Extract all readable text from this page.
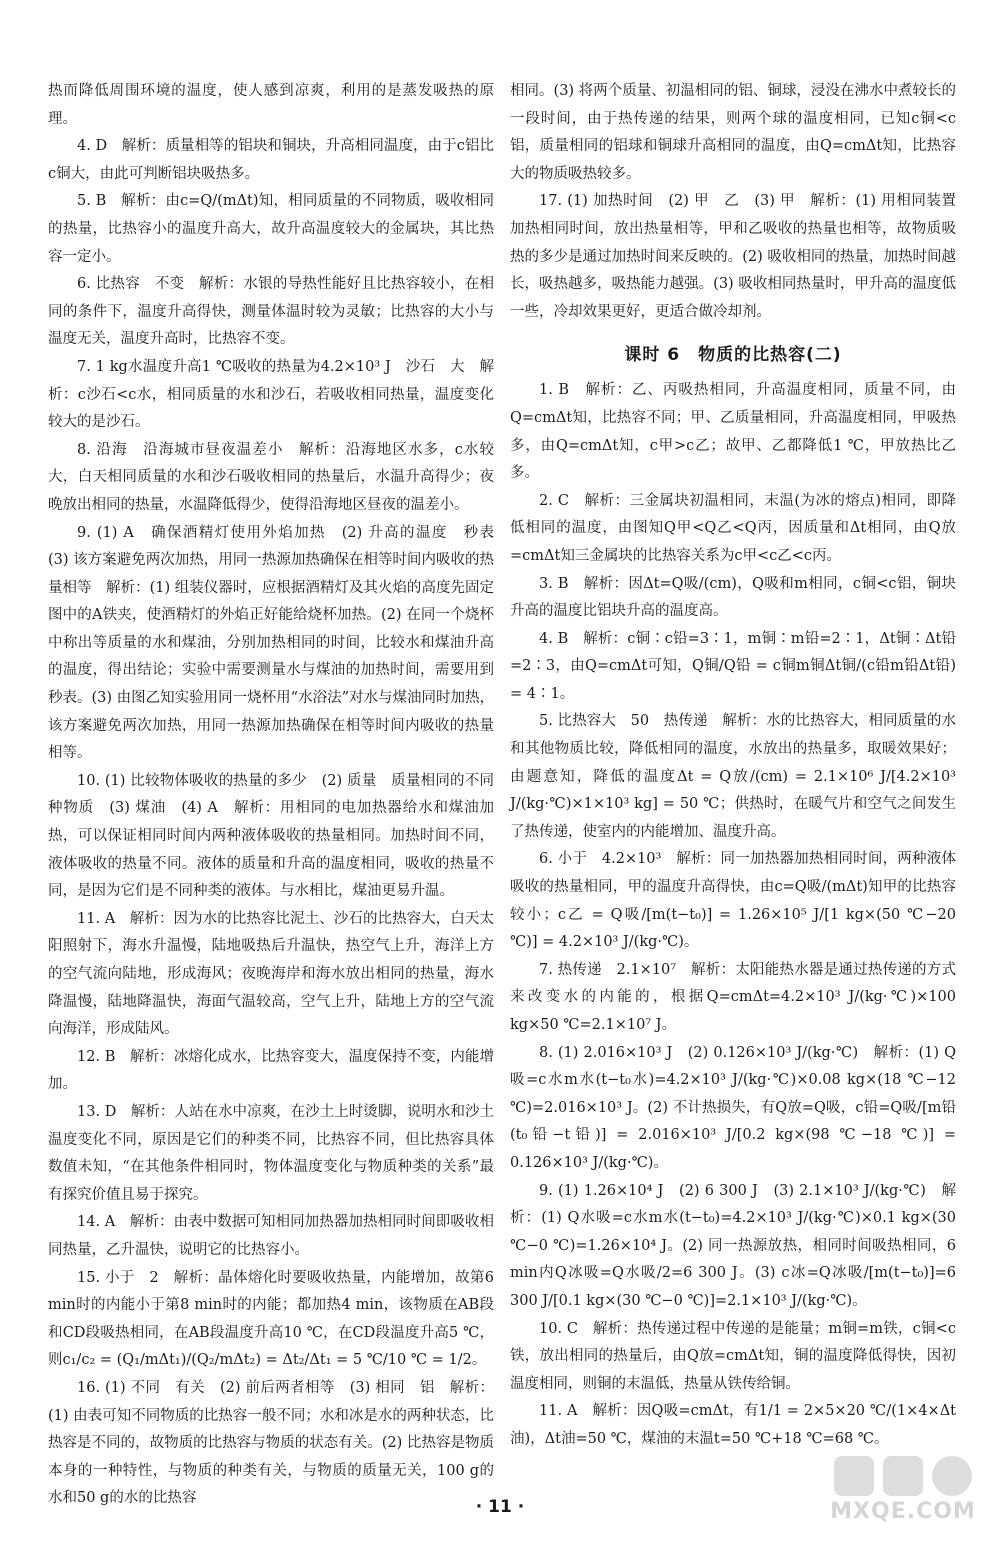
热而降低周围环境的温度，使人感到凉爽，利用的是蒸发吸热的原理。

4. D　解析：质量相等的铝块和铜块，升高相同温度，由于c铝比c铜大，由此可判断铝块吸热多。

5. B　解析：由c=Q/(mΔt)知，相同质量的不同物质，吸收相同的热量，比热容小的温度升高大，故升高温度较大的金属块，其比热容一定小。

6. 比热容　不变　解析：水银的导热性能好且比热容较小，在相同的条件下，温度升高得快，测量体温时较为灵敏；比热容的大小与温度无关，温度升高时，比热容不变。

7. 1 kg水温度升高1 ℃吸收的热量为4.2×10³ J　沙石　大　解析：c沙石<c水，相同质量的水和沙石，若吸收相同热量，温度变化较大的是沙石。

8. 沿海　沿海城市昼夜温差小　解析：沿海地区水多，c水较大，白天相同质量的水和沙石吸收相同的热量后，水温升高得少；夜晚放出相同的热量，水温降低得少，使得沿海地区昼夜的温差小。

9. (1) A　确保酒精灯使用外焰加热　(2) 升高的温度　秒表　(3) 该方案避免两次加热，用同一热源加热确保在相等时间内吸收的热量相等　解析：(1) 组装仪器时，应根据酒精灯及其火焰的高度先固定图中的A铁夹，使酒精灯的外焰正好能给烧杯加热。(2) 在同一个烧杯中称出等质量的水和煤油，分别加热相同的时间，比较水和煤油升高的温度，得出结论；实验中需要测量水与煤油的加热时间，需要用到秒表。(3) 由图乙知实验用同一烧杯用“水浴法”对水与煤油同时加热，该方案避免两次加热，用同一热源加热确保在相等时间内吸收的热量相等。

10. (1) 比较物体吸收的热量的多少　(2) 质量　质量相同的不同种物质　(3) 煤油　(4) A　解析：用相同的电加热器给水和煤油加热，可以保证相同时间内两种液体吸收的热量相同。加热时间不同，液体吸收的热量不同。液体的质量和升高的温度相同，吸收的热量不同，是因为它们是不同种类的液体。与水相比，煤油更易升温。

11. A　解析：因为水的比热容比泥土、沙石的比热容大，白天太阳照射下，海水升温慢，陆地吸热后升温快，热空气上升，海洋上方的空气流向陆地，形成海风；夜晚海岸和海水放出相同的热量，海水降温慢，陆地降温快，海面气温较高，空气上升，陆地上方的空气流向海洋，形成陆风。

12. B　解析：冰熔化成水，比热容变大，温度保持不变，内能增加。

13. D　解析：人站在水中凉爽，在沙土上时烫脚，说明水和沙土温度变化不同，原因是它们的种类不同，比热容不同，但比热容具体数值未知，“在其他条件相同时，物体温度变化与物质种类的关系”最有探究价值且易于探究。

14. A　解析：由表中数据可知相同加热器加热相同时间即吸收相同热量，乙升温快，说明它的比热容小。

15. 小于　2　解析：晶体熔化时要吸收热量，内能增加，故第6 min时的内能小于第8 min时的内能；都加热4 min，该物质在AB段和CD段吸热相同，在AB段温度升高10 ℃，在CD段温度升高5 ℃，则c₁/c₂ = (Q₁/mΔt₁)/(Q₂/mΔt₂) = Δt₂/Δt₁ = 5 ℃/10 ℃ = 1/2。

16. (1) 不同　有关　(2) 前后两者相等　(3) 相同　铝　解析：(1) 由表可知不同物质的比热容一般不同；水和冰是水的两种状态，比热容是不同的，故物质的比热容与物质的状态有关。(2) 比热容是物质本身的一种特性，与物质的种类有关，与物质的质量无关，100 g的水和50 g的水的比热容

相同。(3) 将两个质量、初温相同的铝、铜球，浸没在沸水中煮较长的一段时间，由于热传递的结果，则两个球的温度相同，已知c铜<c铝，质量相同的铝球和铜球升高相同的温度，由Q=cmΔt知，比热容大的物质吸热较多。

17. (1) 加热时间　(2) 甲　乙　(3) 甲　解析：(1) 用相同装置加热相同时间，放出热量相等，甲和乙吸收的热量也相等，故物质吸热的多少是通过加热时间来反映的。(2) 吸收相同的热量，加热时间越长，吸热越多，吸热能力越强。(3) 吸收相同热量时，甲升高的温度低一些，冷却效果更好，更适合做冷却剂。

课时 6　物质的比热容(二)

1. B　解析：乙、丙吸热相同，升高温度相同，质量不同，由Q=cmΔt知，比热容不同；甲、乙质量相同，升高温度相同，甲吸热多，由Q=cmΔt知，c甲>c乙；故甲、乙都降低1 ℃，甲放热比乙多。

2. C　解析：三金属块初温相同，末温(为冰的熔点)相同，即降低相同的温度，由图知Q甲<Q乙<Q丙，因质量和Δt相同，由Q放=cmΔt知三金属块的比热容关系为c甲<c乙<c丙。

3. B　解析：因Δt=Q吸/(cm)，Q吸和m相同，c铜<c铝，铜块升高的温度比铝块升高的温度高。

4. B　解析：c铜∶c铅=3∶1，m铜∶m铅=2∶1，Δt铜∶Δt铅=2∶3，由Q=cmΔt可知，Q铜/Q铅 = c铜m铜Δt铜/(c铅m铅Δt铅) = 4∶1。

5. 比热容大　50　热传递　解析：水的比热容大，相同质量的水和其他物质比较，降低相同的温度，水放出的热量多，取暖效果好；由题意知，降低的温度Δt = Q放/(cm) = 2.1×10⁶ J/[4.2×10³ J/(kg·℃)×1×10³ kg] = 50 ℃；供热时，在暖气片和空气之间发生了热传递，使室内的内能增加、温度升高。

6. 小于　4.2×10³　解析：同一加热器加热相同时间，两种液体吸收的热量相同，甲的温度升高得快，由c=Q吸/(mΔt)知甲的比热容较小；c乙 = Q吸/[m(t−t₀)] = 1.26×10⁵ J/[1 kg×(50 ℃−20 ℃)] = 4.2×10³ J/(kg·℃)。

7. 热传递　2.1×10⁷　解析：太阳能热水器是通过热传递的方式来改变水的内能的，根据Q=cmΔt=4.2×10³ J/(kg·℃)×100 kg×50 ℃=2.1×10⁷ J。

8. (1) 2.016×10³ J　(2) 0.126×10³ J/(kg·℃)　解析：(1) Q吸=c水m水(t−t₀水)=4.2×10³ J/(kg·℃)×0.08 kg×(18 ℃−12 ℃)=2.016×10³ J。(2) 不计热损失，有Q放=Q吸，c铅=Q吸/[m铅(t₀铅−t铅)] = 2.016×10³ J/[0.2 kg×(98 ℃−18 ℃)] = 0.126×10³ J/(kg·℃)。

9. (1) 1.26×10⁴ J　(2) 6 300 J　(3) 2.1×10³ J/(kg·℃)　解析：(1) Q水吸=c水m水(t−t₀)=4.2×10³ J/(kg·℃)×0.1 kg×(30 ℃−0 ℃)=1.26×10⁴ J。(2) 同一热源放热，相同时间吸热相同，6 min内Q冰吸=Q水吸/2=6 300 J。(3) c冰=Q冰吸/[m(t−t₀)]=6 300 J/[0.1 kg×(30 ℃−0 ℃)]=2.1×10³ J/(kg·℃)。

10. C　解析：热传递过程中传递的是能量；m铜=m铁，c铜<c铁，放出相同的热量后，由Q放=cmΔt知，铜的温度降低得快，因初温度相同，则铜的末温低，热量从铁传给铜。

11. A　解析：因Q吸=cmΔt，有1/1 = 2×5×20 ℃/(1×4×Δt油)，Δt油=50 ℃，煤油的末温t=50 ℃+18 ℃=68 ℃。

· 11 ·	MXQE.COM
